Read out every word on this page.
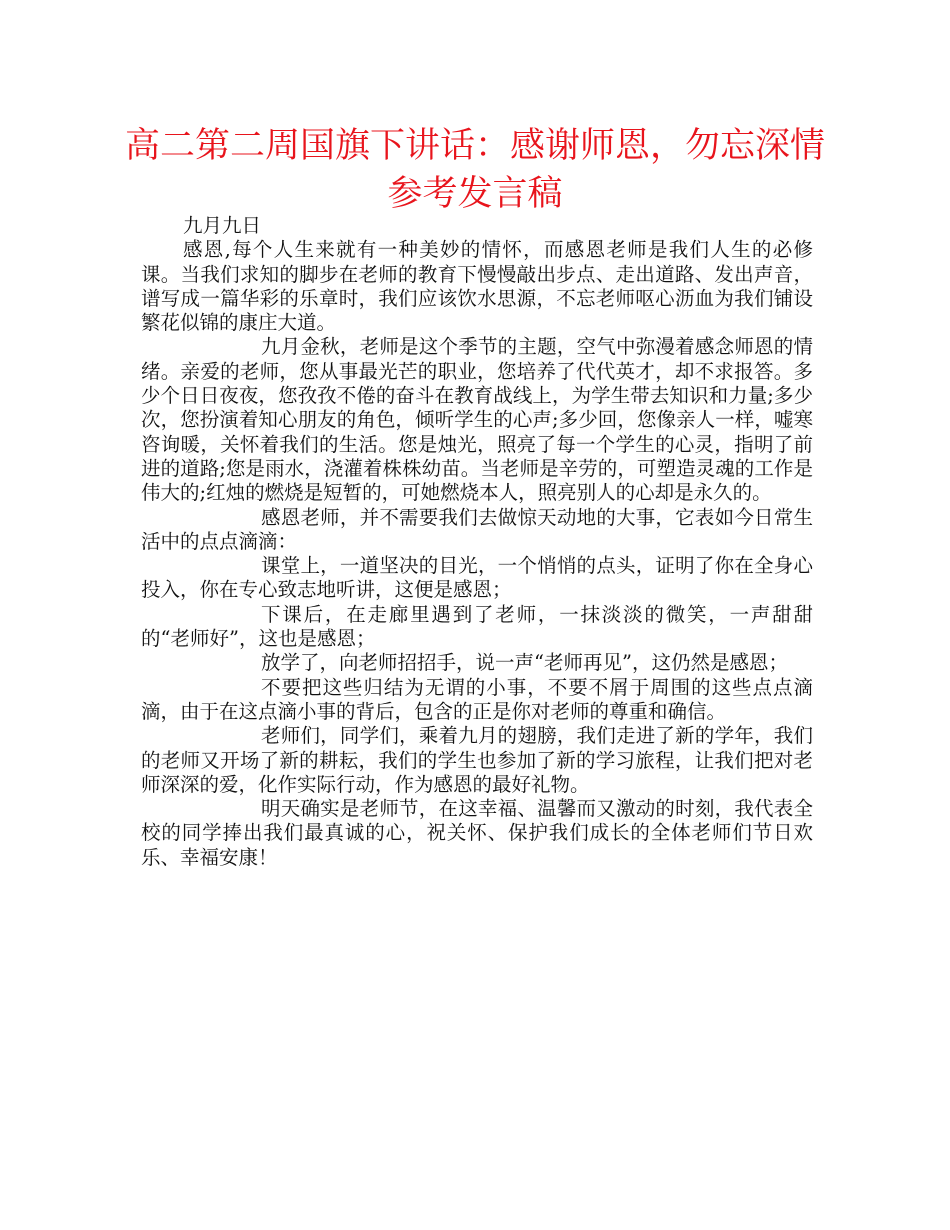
高二第二周国旗下讲话：感谢师恩，勿忘深情参考发言稿

九月九日

感恩,每个人生来就有一种美妙的情怀，而感恩老师是我们人生的必修课。当我们求知的脚步在老师的教育下慢慢敲出步点、走出道路、发出声音，谱写成一篇华彩的乐章时，我们应该饮水思源，不忘老师呕心沥血为我们铺设繁花似锦的康庄大道。

九月金秋，老师是这个季节的主题，空气中弥漫着感念师恩的情绪。亲爱的老师，您从事最光芒的职业，您培养了代代英才，却不求报答。多少个日日夜夜，您孜孜不倦的奋斗在教育战线上，为学生带去知识和力量;多少次，您扮演着知心朋友的角色，倾听学生的心声;多少回，您像亲人一样，嘘寒咨询暖，关怀着我们的生活。您是烛光，照亮了每一个学生的心灵，指明了前进的道路;您是雨水，浇灌着株株幼苗。当老师是辛劳的，可塑造灵魂的工作是伟大的;红烛的燃烧是短暂的，可她燃烧本人，照亮别人的心却是永久的。

感恩老师，并不需要我们去做惊天动地的大事，它表如今日常生活中的点点滴滴：

课堂上，一道坚决的目光，一个悄悄的点头，证明了你在全身心投入，你在专心致志地听讲，这便是感恩；

下课后，在走廊里遇到了老师，一抹淡淡的微笑，一声甜甜的“老师好”，这也是感恩；

放学了，向老师招招手，说一声“老师再见”，这仍然是感恩；

不要把这些归结为无谓的小事，不要不屑于周围的这些点点滴滴，由于在这点滴小事的背后，包含的正是你对老师的尊重和确信。

老师们，同学们，乘着九月的翅膀，我们走进了新的学年，我们的老师又开场了新的耕耘，我们的学生也参加了新的学习旅程，让我们把对老师深深的爱，化作实际行动，作为感恩的最好礼物。

明天确实是老师节，在这幸福、温馨而又激动的时刻，我代表全校的同学捧出我们最真诚的心，祝关怀、保护我们成长的全体老师们节日欢乐、幸福安康！
